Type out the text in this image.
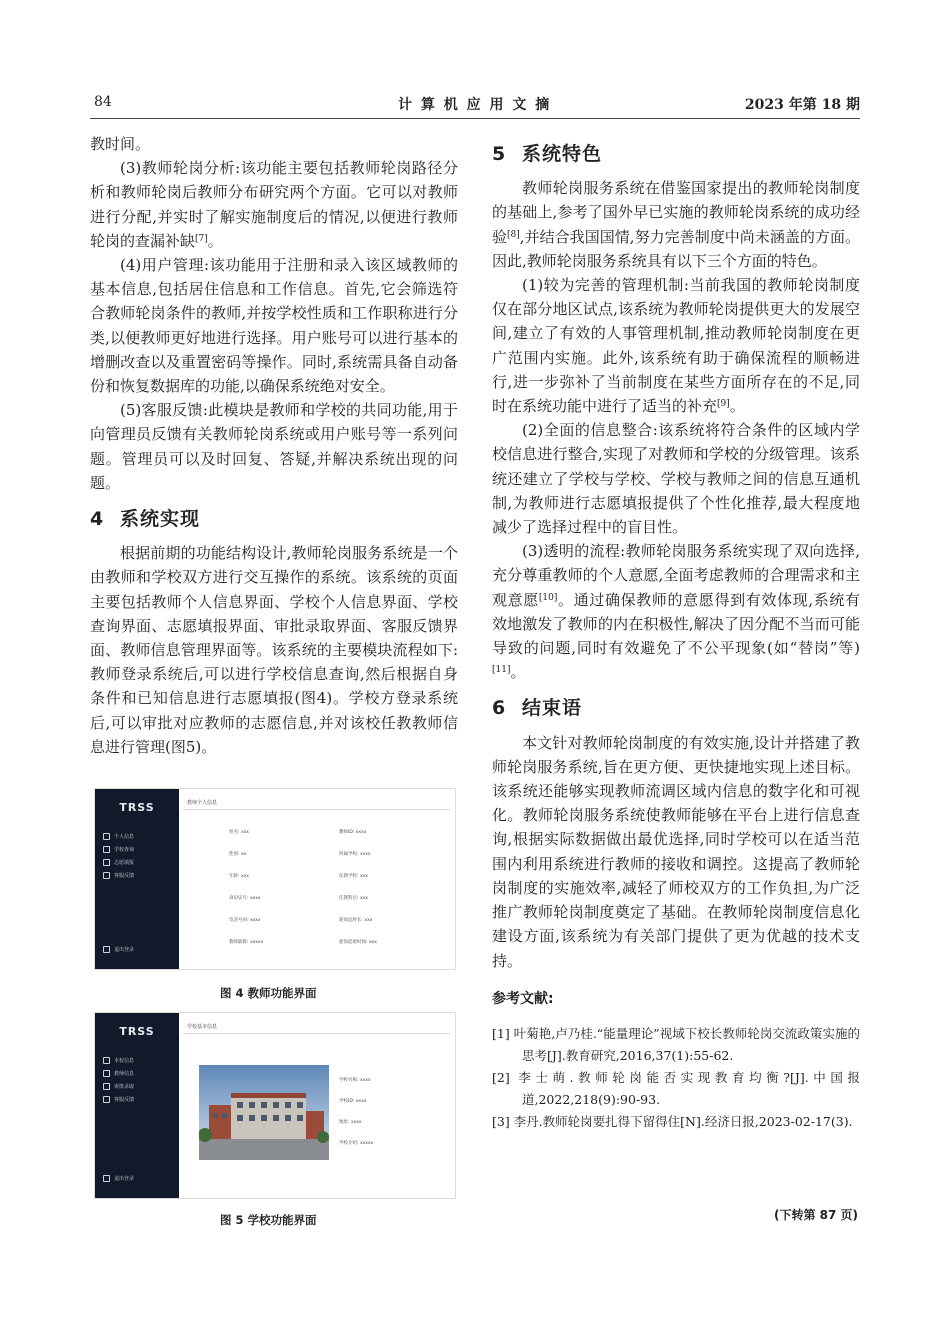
84	计 算 机 应 用 文 摘	2023 年第 18 期

教时间。

(3)教师轮岗分析:该功能主要包括教师轮岗路径分析和教师轮岗后教师分布研究两个方面。它可以对教师进行分配,并实时了解实施制度后的情况,以便进行教师轮岗的查漏补缺[7]。

(4)用户管理:该功能用于注册和录入该区域教师的基本信息,包括居住信息和工作信息。首先,它会筛选符合教师轮岗条件的教师,并按学校性质和工作职称进行分类,以便教师更好地进行选择。用户账号可以进行基本的增删改查以及重置密码等操作。同时,系统需具备自动备份和恢复数据库的功能,以确保系统绝对安全。

(5)客服反馈:此模块是教师和学校的共同功能,用于向管理员反馈有关教师轮岗系统或用户账号等一系列问题。管理员可以及时回复、答疑,并解决系统出现的问题。

4 系统实现

根据前期的功能结构设计,教师轮岗服务系统是一个由教师和学校双方进行交互操作的系统。该系统的页面主要包括教师个人信息界面、学校个人信息界面、学校查询界面、志愿填报界面、审批录取界面、客服反馈界面、教师信息管理界面等。该系统的主要模块流程如下:教师登录系统后,可以进行学校信息查询,然后根据自身条件和已知信息进行志愿填报(图4)。学校方登录系统后,可以审批对应教师的志愿信息,并对该校任教教师信息进行管理(图5)。

TRSS
个人信息
学校查询
志愿填报
客服反馈
退出登录
教师个人信息
姓名: xxx	教师ID: xxxx
性别: xx	所属学校: xxxx
年龄: xxx	任教学校: xxx
身份证号: xxxx	任教科目: xxx
电话号码: xxxx	轮岗总时长: xxx
教师职称: xxxxx	轮岗起始时间: xxx
图 4 教师功能界面
TRSS
本校信息
教师信息
审批录取
客服反馈
退出登录
学校基本信息
学校名称: xxxx
学校ID: xxxx
地址: xxxx
学校介绍: xxxxx
图 5 学校功能界面
5 系统特色

教师轮岗服务系统在借鉴国家提出的教师轮岗制度的基础上,参考了国外早已实施的教师轮岗系统的成功经验[8],并结合我国国情,努力完善制度中尚未涵盖的方面。因此,教师轮岗服务系统具有以下三个方面的特色。

(1)较为完善的管理机制:当前我国的教师轮岗制度仅在部分地区试点,该系统为教师轮岗提供更大的发展空间,建立了有效的人事管理机制,推动教师轮岗制度在更广范围内实施。此外,该系统有助于确保流程的顺畅进行,进一步弥补了当前制度在某些方面所存在的不足,同时在系统功能中进行了适当的补充[9]。

(2)全面的信息整合:该系统将符合条件的区域内学校信息进行整合,实现了对教师和学校的分级管理。该系统还建立了学校与学校、学校与教师之间的信息互通机制,为教师进行志愿填报提供了个性化推荐,最大程度地减少了选择过程中的盲目性。

(3)透明的流程:教师轮岗服务系统实现了双向选择,充分尊重教师的个人意愿,全面考虑教师的合理需求和主观意愿[10]。通过确保教师的意愿得到有效体现,系统有效地激发了教师的内在积极性,解决了因分配不当而可能导致的问题,同时有效避免了不公平现象(如“替岗”等)[11]。

6 结束语

本文针对教师轮岗制度的有效实施,设计并搭建了教师轮岗服务系统,旨在更方便、更快捷地实现上述目标。该系统还能够实现教师流调区域内信息的数字化和可视化。教师轮岗服务系统使教师能够在平台上进行信息查询,根据实际数据做出最优选择,同时学校可以在适当范围内利用系统进行教师的接收和调控。这提高了教师轮岗制度的实施效率,减轻了师校双方的工作负担,为广泛推广教师轮岗制度奠定了基础。在教师轮岗制度信息化建设方面,该系统为有关部门提供了更为优越的技术支持。

参考文献:
[1] 叶菊艳,卢乃桂.“能量理论”视域下校长教师轮岗交流政策实施的思考[J].教育研究,2016,37(1):55-62.
[2] 李士萌.教师轮岗能否实现教育均衡?[J].中国报道,2022,218(9):90-93.
[3] 李丹.教师轮岗要扎得下留得住[N].经济日报,2023-02-17(3).
(下转第 87 页)
